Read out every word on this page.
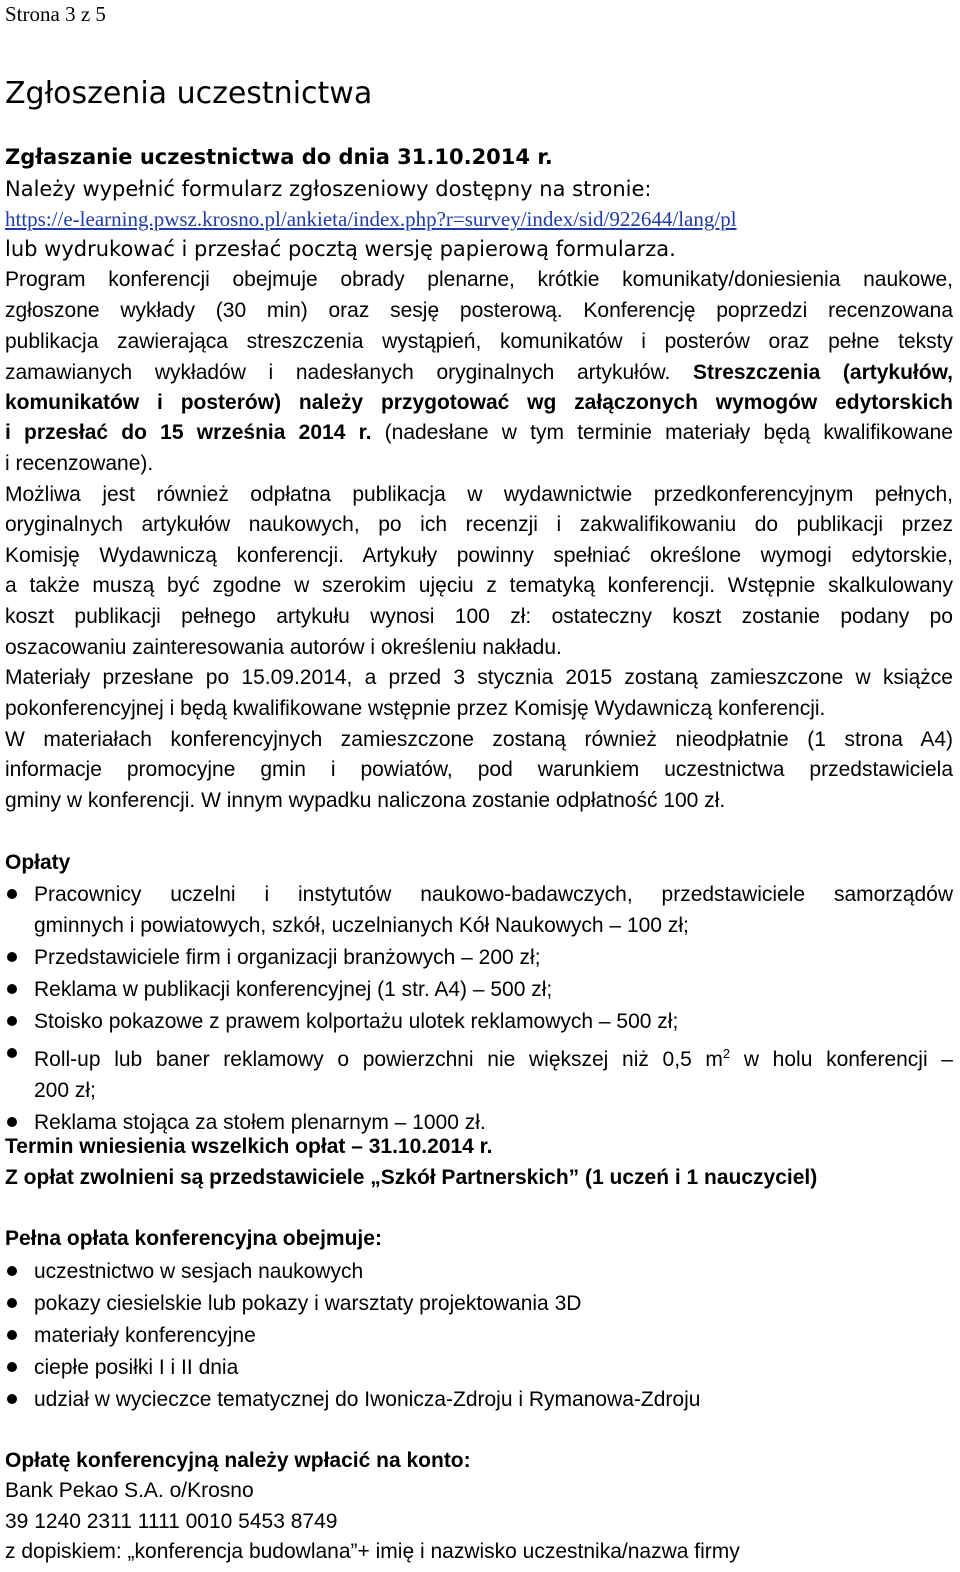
Strona 3 z 5
Zgłoszenia uczestnictwa
Zgłaszanie uczestnictwa do dnia 31.10.2014 r.
Należy wypełnić formularz zgłoszeniowy dostępny na stronie:
https://e-learning.pwsz.krosno.pl/ankieta/index.php?r=survey/index/sid/922644/lang/pl
lub wydrukować i przesłać pocztą wersję papierową formularza.
Program konferencji obejmuje obrady plenarne, krótkie komunikaty/doniesienia naukowe,
zgłoszone wykłady (30 min) oraz sesję posterową. Konferencję poprzedzi recenzowana
publikacja zawierająca streszczenia wystąpień, komunikatów i posterów oraz pełne teksty
zamawianych wykładów i nadesłanych oryginalnych artykułów. Streszczenia (artykułów,
komunikatów i posterów) należy przygotować wg załączonych wymogów edytorskich
i przesłać do 15 września 2014 r. (nadesłane w tym terminie materiały będą kwalifikowane
i recenzowane).
Możliwa jest również odpłatna publikacja w wydawnictwie przedkonferencyjnym pełnych,
oryginalnych artykułów naukowych, po ich recenzji i zakwalifikowaniu do publikacji przez
Komisję Wydawniczą konferencji. Artykuły powinny spełniać określone wymogi edytorskie,
a także muszą być zgodne w szerokim ujęciu z tematyką konferencji. Wstępnie skalkulowany
koszt publikacji pełnego artykułu wynosi 100 zł: ostateczny koszt zostanie podany po
oszacowaniu zainteresowania autorów i określeniu nakładu.
Materiały przesłane po 15.09.2014, a przed 3 stycznia 2015 zostaną zamieszczone w książce
pokonferencyjnej i będą kwalifikowane wstępnie przez Komisję Wydawniczą konferencji.
W materiałach konferencyjnych zamieszczone zostaną również nieodpłatnie (1 strona A4)
informacje promocyjne gmin i powiatów, pod warunkiem uczestnictwa przedstawiciela
gminy w konferencji. W innym wypadku naliczona zostanie odpłatność 100 zł.
Opłaty
Pracownicy uczelni i instytutów naukowo-badawczych, przedstawiciele samorządów
gminnych i powiatowych, szkół, uczelnianych Kół Naukowych – 100 zł;
Przedstawiciele firm i organizacji branżowych – 200 zł;
Reklama w publikacji konferencyjnej (1 str. A4) – 500 zł;
Stoisko pokazowe z prawem kolportażu ulotek reklamowych – 500 zł;
Roll-up lub baner reklamowy o powierzchni nie większej niż 0,5 $m^2$ w holu konferencji –
200 zł;
Reklama stojąca za stołem plenarnym – 1000 zł.
Termin wniesienia wszelkich opłat – 31.10.2014 r.
Z opłat zwolnieni są przedstawiciele „Szkół Partnerskich” (1 uczeń i 1 nauczyciel)
Pełna opłata konferencyjna obejmuje:
uczestnictwo w sesjach naukowych
pokazy ciesielskie lub pokazy i warsztaty projektowania 3D
materiały konferencyjne
ciepłe posiłki I i II dnia
udział w wycieczce tematycznej do Iwonicza-Zdroju i Rymanowa-Zdroju
Opłatę konferencyjną należy wpłacić na konto:
Bank Pekao S.A. o/Krosno
39 1240 2311 1111 0010 5453 8749
z dopiskiem: „konferencja budowlana”+ imię i nazwisko uczestnika/nazwa firmy
